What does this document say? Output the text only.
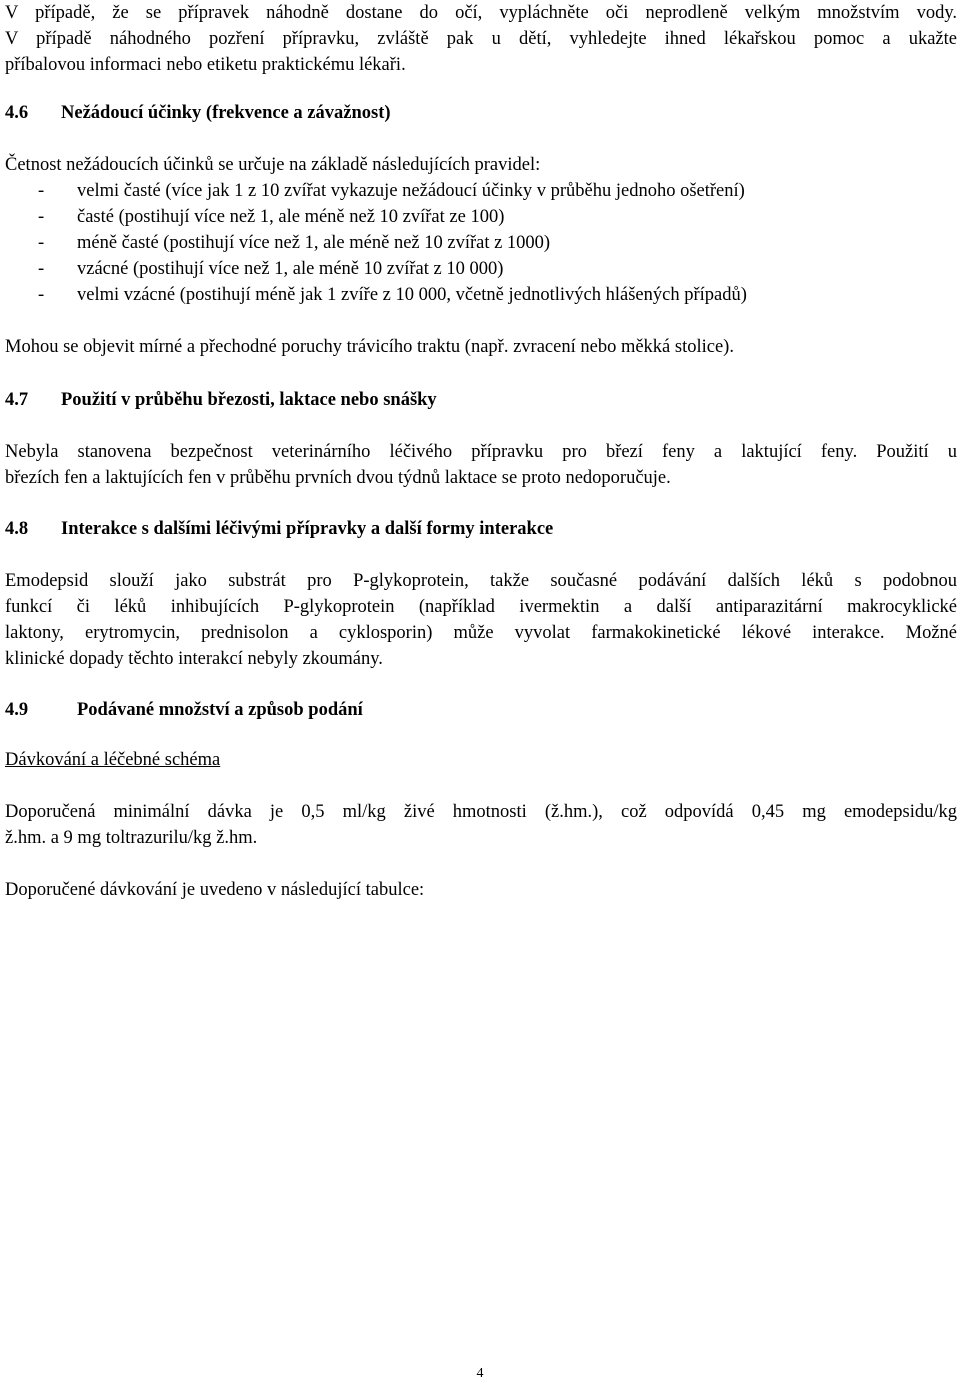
V případě, že se přípravek náhodně dostane do očí, vypláchněte oči neprodleně velkým množstvím vody.

V případě náhodného pozření přípravku, zvláště pak u dětí, vyhledejte ihned lékařskou pomoc a ukažte

příbalovou informaci nebo etiketu praktickému lékaři.

4.6 Nežádoucí účinky (frekvence a závažnost)

Četnost nežádoucích účinků se určuje na základě následujících pravidel:

- velmi časté (více jak 1 z 10 zvířat vykazuje nežádoucí účinky v průběhu jednoho ošetření)
- časté (postihují více než 1, ale méně než 10 zvířat ze 100)
- méně časté (postihují více než 1, ale méně než 10 zvířat z 1000)
- vzácné (postihují více než 1, ale méně 10 zvířat z 10 000)
- velmi vzácné (postihují méně jak 1 zvíře z 10 000, včetně jednotlivých hlášených případů)

Mohou se objevit mírné a přechodné poruchy trávicího traktu (např. zvracení nebo měkká stolice).

4.7 Použití v průběhu březosti, laktace nebo snášky

Nebyla stanovena bezpečnost veterinárního léčivého přípravku pro březí feny a laktující feny. Použití u

březích fen a laktujících fen v průběhu prvních dvou týdnů laktace se proto nedoporučuje.

4.8 Interakce s dalšími léčivými přípravky a další formy interakce

Emodepsid slouží jako substrát pro P-glykoprotein, takže současné podávání dalších léků s podobnou

funkcí či léků inhibujících P-glykoprotein (například ivermektin a další antiparazitární makrocyklické

laktony, erytromycin, prednisolon a cyklosporin) může vyvolat farmakokinetické lékové interakce. Možné

klinické dopady těchto interakcí nebyly zkoumány.

4.9	Podávané množství a způsob podání

Dávkování a léčebné schéma

Doporučená minimální dávka je 0,5 ml/kg živé hmotnosti (ž.hm.), což odpovídá 0,45 mg emodepsidu/kg

ž.hm. a 9 mg toltrazurilu/kg ž.hm.

Doporučené dávkování je uvedeno v následující tabulce:

4
